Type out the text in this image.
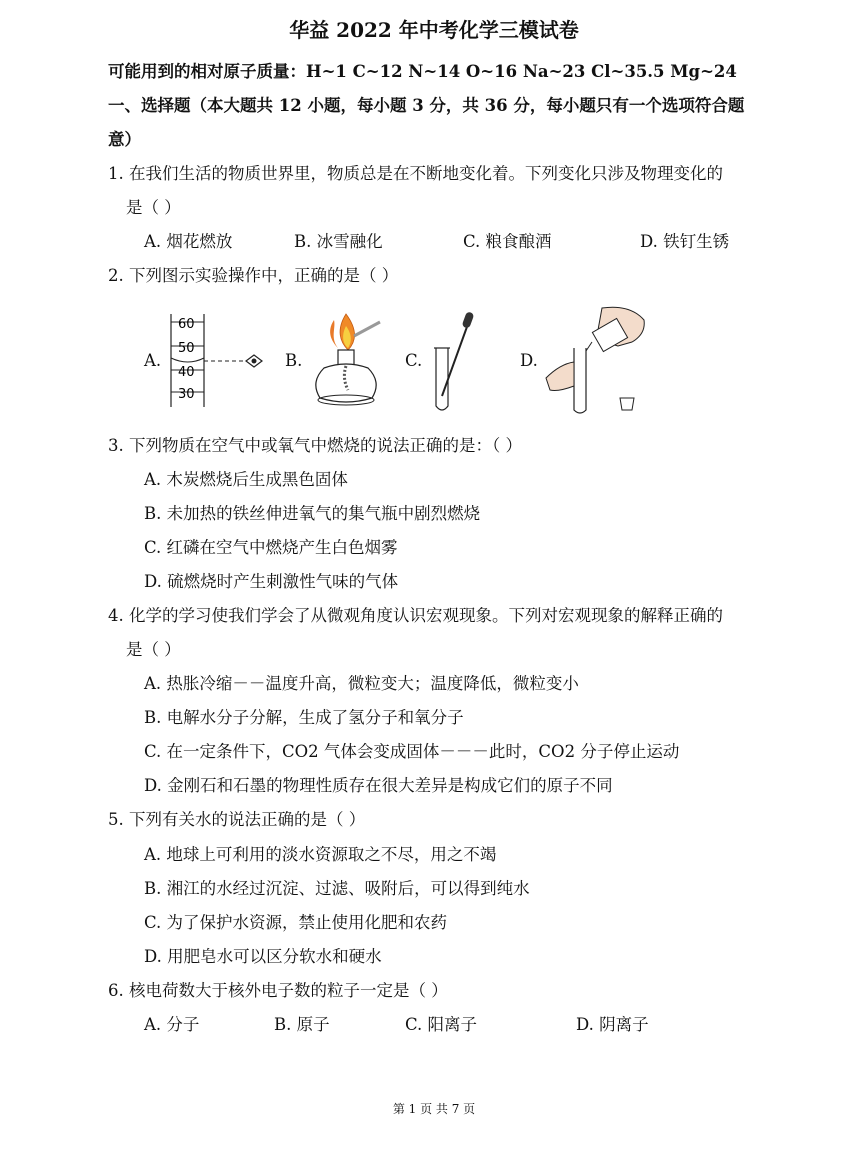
华益 2022 年中考化学三模试卷
可能用到的相对原子质量：H~1 C~12 N~14 O~16 Na~23 Cl~35.5 Mg~24
一、选择题（本大题共 12 小题，每小题 3 分，共 36 分，每小题只有一个选项符合题
意）
1. 在我们生活的物质世界里，物质总是在不断地变化着。下列变化只涉及物理变化的
是（ ）
A. 烟花燃放	B. 冰雪融化	C. 粮食酿酒	D. 铁钉生锈
2. 下列图示实验操作中，正确的是（ ）
A.	B.	C.	D.
60
50
40
30
3. 下列物质在空气中或氧气中燃烧的说法正确的是：（ ）
A. 木炭燃烧后生成黑色固体
B. 未加热的铁丝伸进氧气的集气瓶中剧烈燃烧
C. 红磷在空气中燃烧产生白色烟雾
D. 硫燃烧时产生刺激性气味的气体
4. 化学的学习使我们学会了从微观角度认识宏观现象。下列对宏观现象的解释正确的
是（ ）
A. 热胀冷缩－－温度升高，微粒变大；温度降低，微粒变小
B. 电解水分子分解，生成了氢分子和氧分子
C. 在一定条件下，CO2 气体会变成固体－－－此时，CO2 分子停止运动
D. 金刚石和石墨的物理性质存在很大差异是构成它们的原子不同
5. 下列有关水的说法正确的是（ ）
A. 地球上可利用的淡水资源取之不尽，用之不竭
B. 湘江的水经过沉淀、过滤、吸附后，可以得到纯水
C. 为了保护水资源，禁止使用化肥和农药
D. 用肥皂水可以区分软水和硬水
6. 核电荷数大于核外电子数的粒子一定是（ ）
A. 分子	B. 原子	C. 阳离子	D. 阴离子
第 1 页 共 7 页
